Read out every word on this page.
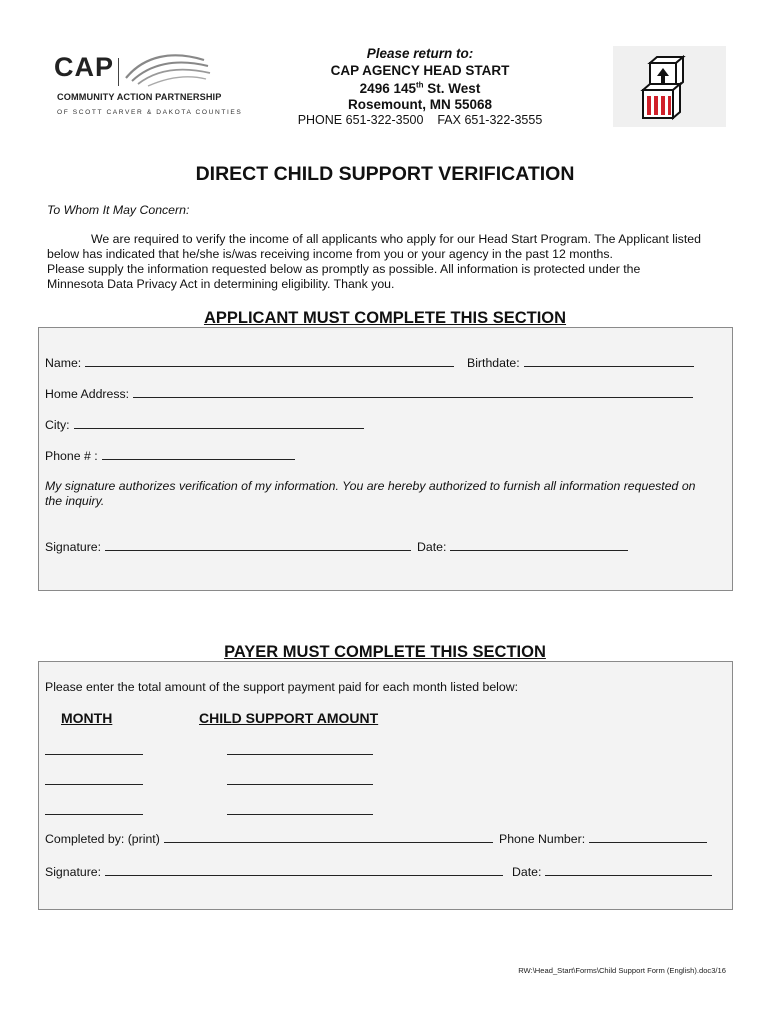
CAP
COMMUNITY ACTION PARTNERSHIP
OF SCOTT CARVER & DAKOTA COUNTIES
Please return to:
CAP AGENCY HEAD START
2496 145th St. West
Rosemount, MN 55068
PHONE 651-322-3500    FAX 651-322-3555
DIRECT CHILD SUPPORT VERIFICATION
To Whom It May Concern:
We are required to verify the income of all applicants who apply for our Head Start Program. The Applicant listed
below has indicated that he/she is/was receiving income from you or your agency in the past 12 months.
Please supply the information requested below as promptly as possible. All information is protected under the
Minnesota Data Privacy Act in determining eligibility. Thank you.
APPLICANT MUST COMPLETE THIS SECTION
Name:	Birthdate:
Home Address:
City:
Phone # :
My signature authorizes verification of my information. You are hereby authorized to furnish all information requested on
the inquiry.
Signature:	Date:
PAYER MUST COMPLETE THIS SECTION
Please enter the total amount of the support payment paid for each month listed below:
MONTH	CHILD SUPPORT AMOUNT
Completed by: (print)	Phone Number:
Signature:	Date:
RW:\Head_Start\Forms\Child Support Form (English).doc3/16
